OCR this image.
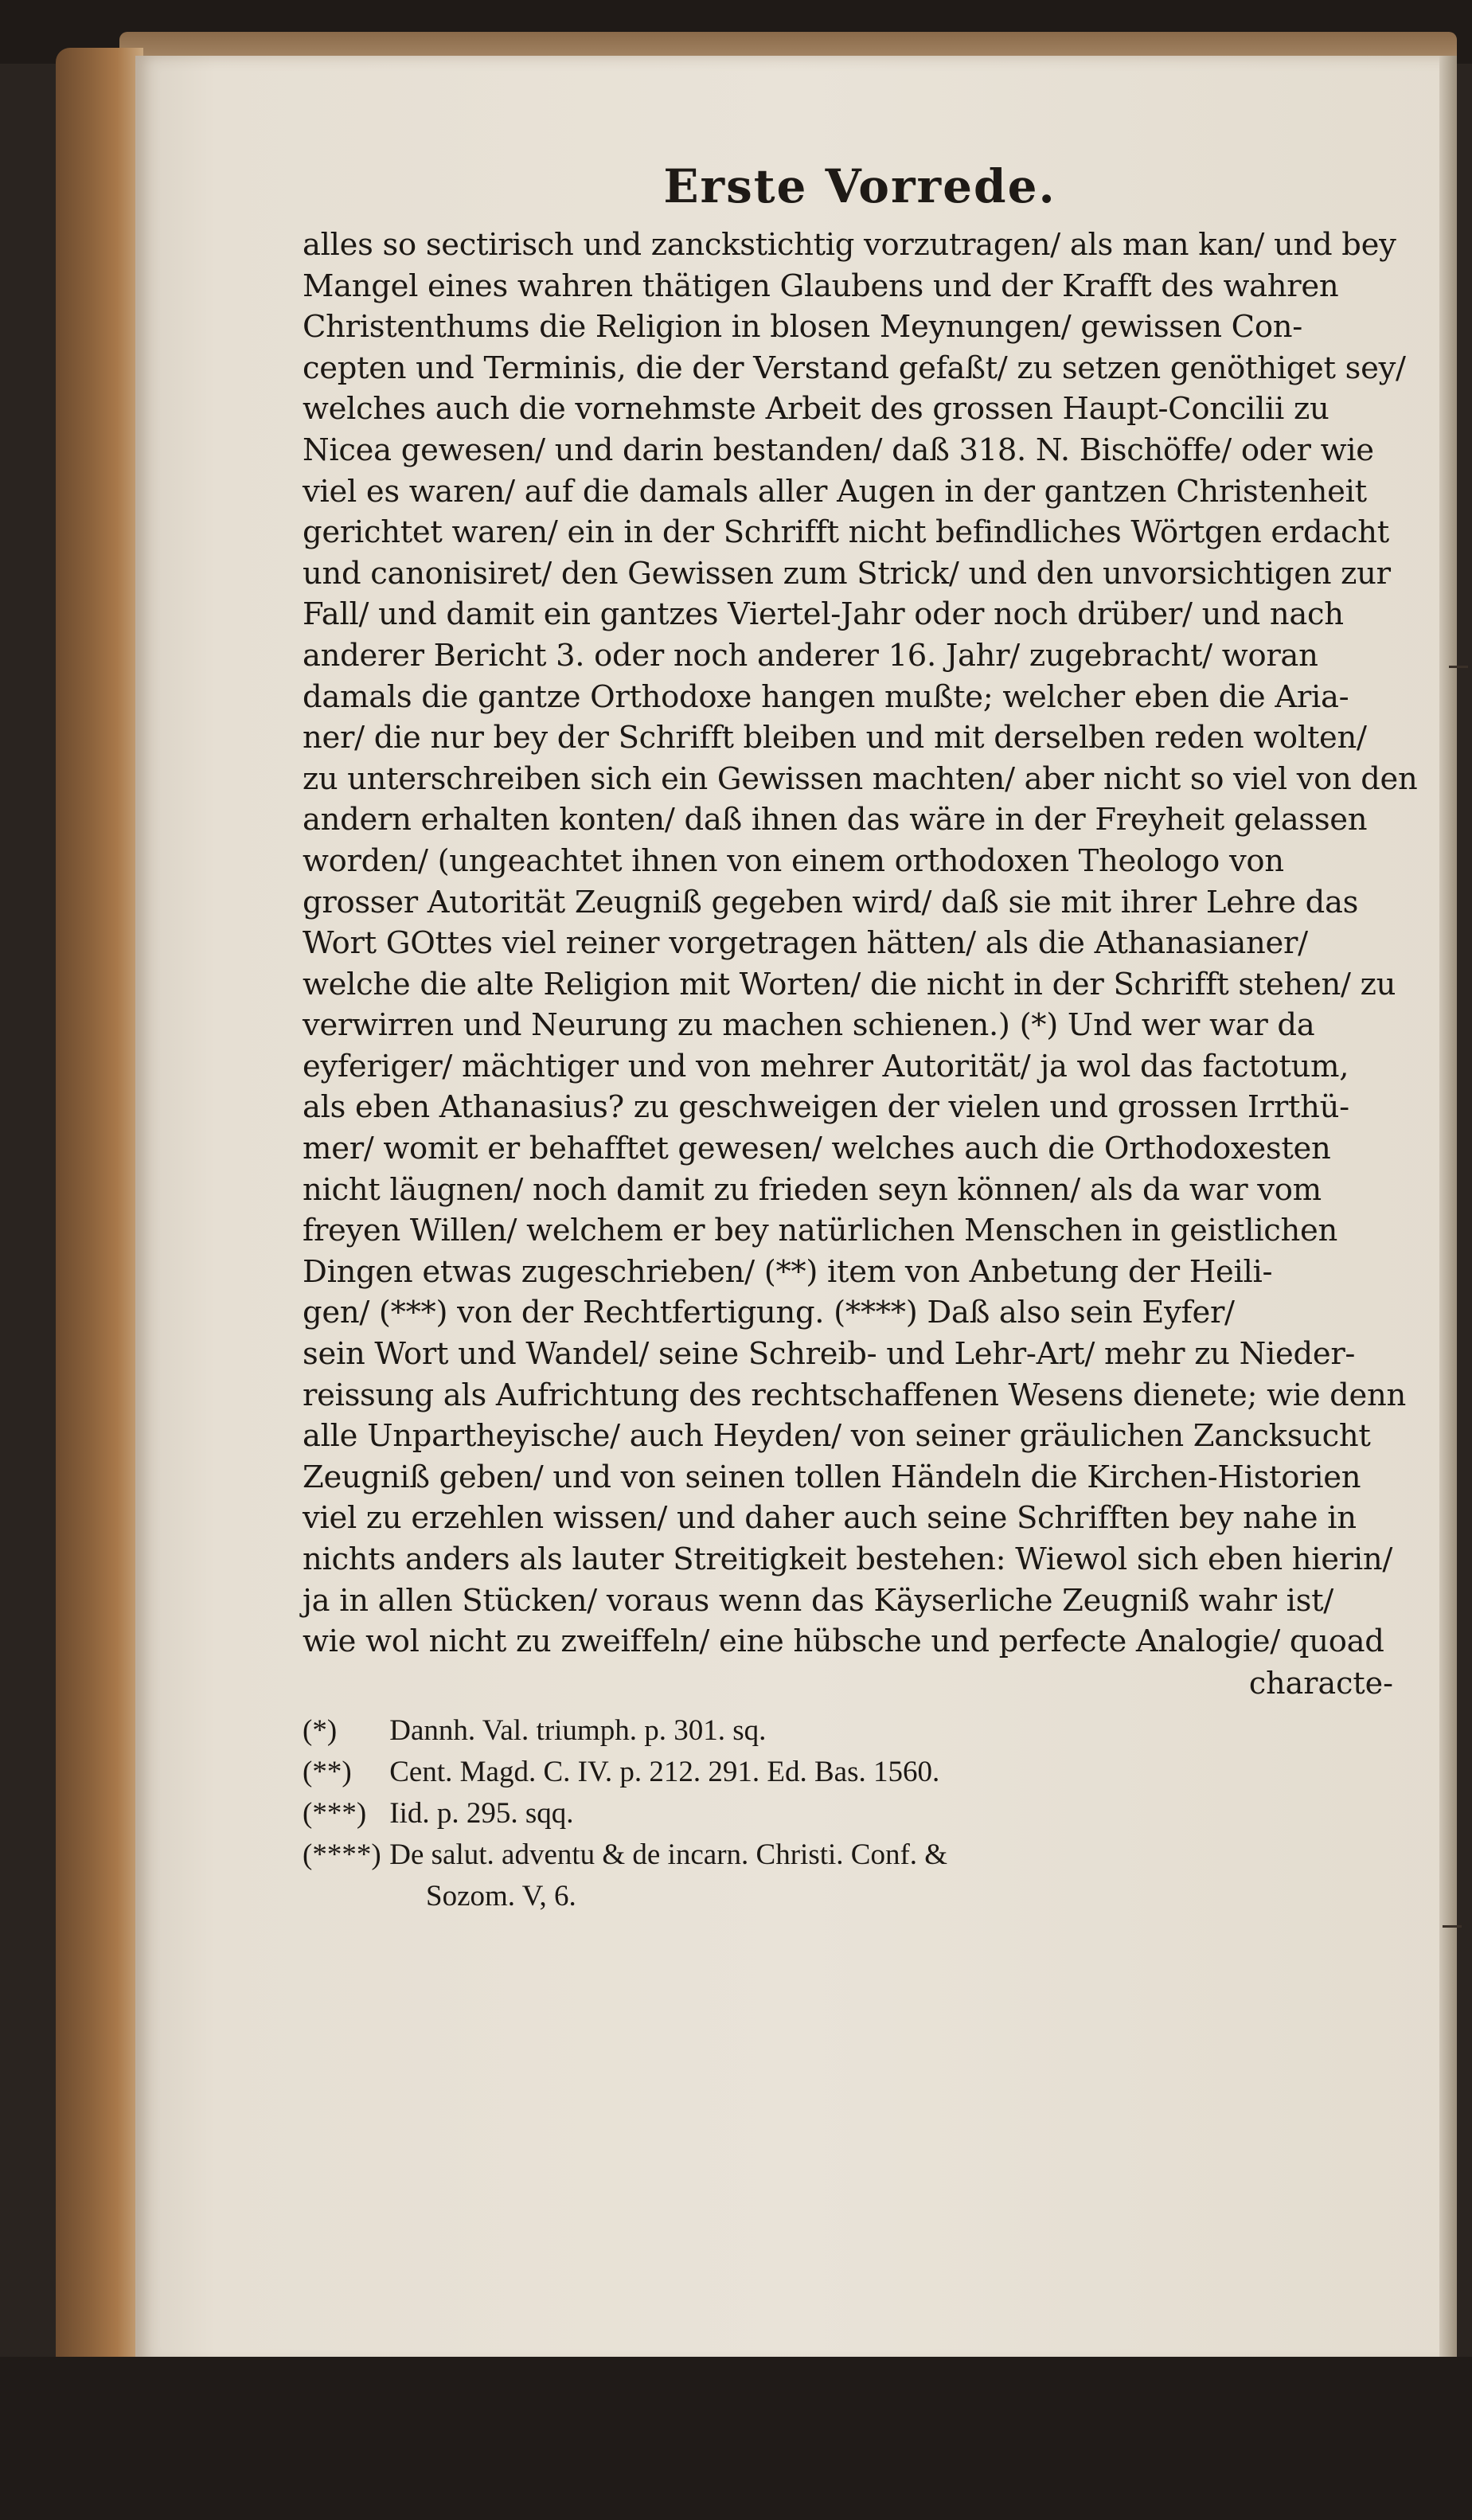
Erste Vorrede.
alles so sectirisch und zanckstichtig vorzutragen/ als man kan/ und bey
Mangel eines wahren thätigen Glaubens und der Krafft des wahren
Christenthums die Religion in blosen Meynungen/ gewissen Con-
cepten und Terminis, die der Verstand gefaßt/ zu setzen genöthiget sey/
welches auch die vornehmste Arbeit des grossen Haupt-Concilii zu
Nicea gewesen/ und darin bestanden/ daß 318. N. Bischöffe/ oder wie
viel es waren/ auf die damals aller Augen in der gantzen Christenheit
gerichtet waren/ ein in der Schrifft nicht befindliches Wörtgen erdacht
und canonisiret/ den Gewissen zum Strick/ und den unvorsichtigen zur
Fall/ und damit ein gantzes Viertel-Jahr oder noch drüber/ und nach
anderer Bericht 3. oder noch anderer 16. Jahr/ zugebracht/ woran
damals die gantze Orthodoxe hangen mußte; welcher eben die Aria-
ner/ die nur bey der Schrifft bleiben und mit derselben reden wolten/
zu unterschreiben sich ein Gewissen machten/ aber nicht so viel von den
andern erhalten konten/ daß ihnen das wäre in der Freyheit gelassen
worden/ (ungeachtet ihnen von einem orthodoxen Theologo von
grosser Autorität Zeugniß gegeben wird/ daß sie mit ihrer Lehre das
Wort GOttes viel reiner vorgetragen hätten/ als die Athanasianer/
welche die alte Religion mit Worten/ die nicht in der Schrifft stehen/ zu
verwirren und Neurung zu machen schienen.) (*) Und wer war da
eyferiger/ mächtiger und von mehrer Autorität/ ja wol das factotum,
als eben Athanasius? zu geschweigen der vielen und grossen Irrthü-
mer/ womit er behafftet gewesen/ welches auch die Orthodoxesten
nicht läugnen/ noch damit zu frieden seyn können/ als da war vom
freyen Willen/ welchem er bey natürlichen Menschen in geistlichen
Dingen etwas zugeschrieben/ (**) item von Anbetung der Heili-
gen/ (***) von der Rechtfertigung. (****) Daß also sein Eyfer/
sein Wort und Wandel/ seine Schreib- und Lehr-Art/ mehr zu Nieder-
reissung als Aufrichtung des rechtschaffenen Wesens dienete; wie denn
alle Unpartheyische/ auch Heyden/ von seiner gräulichen Zancksucht
Zeugniß geben/ und von seinen tollen Händeln die Kirchen-Historien
viel zu erzehlen wissen/ und daher auch seine Schrifften bey nahe in
nichts anders als lauter Streitigkeit bestehen: Wiewol sich eben hierin/
ja in allen Stücken/ voraus wenn das Käyserliche Zeugniß wahr ist/
wie wol nicht zu zweiffeln/ eine hübsche und perfecte Analogie/ quoad
characte-
(*) Dannh. Val. triumph. p. 301. sq.
(**) Cent. Magd. C. IV. p. 212. 291. Ed. Bas. 1560.
(***) Iid. p. 295. sqq.
(****) De salut. adventu & de incarn. Christi. Conf. &
Sozom. V, 6.
